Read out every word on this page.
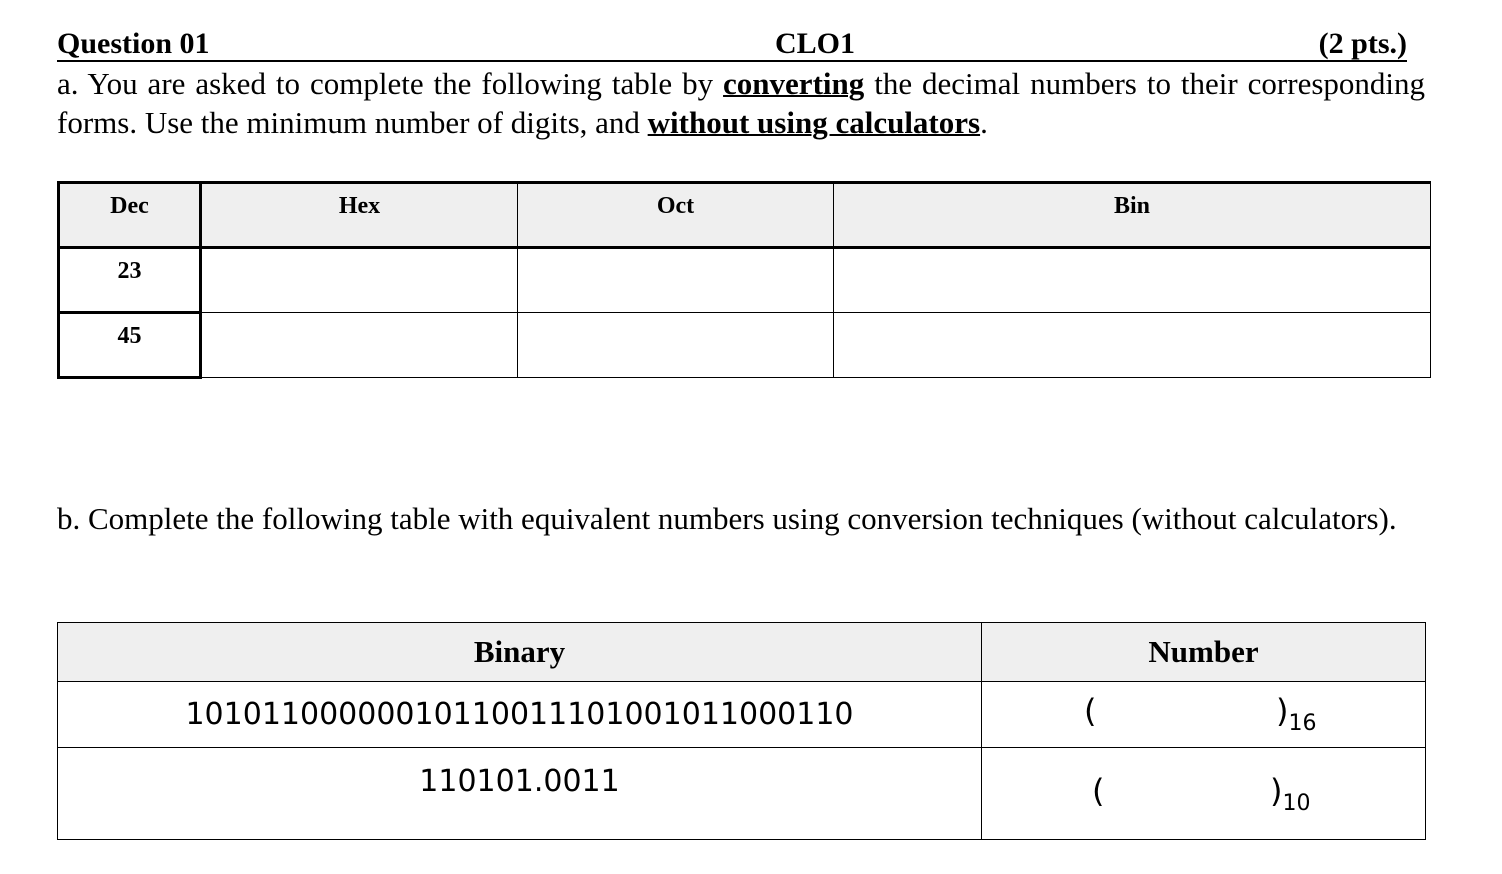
Question 01	CLO1	(2 pts.)
a. You are asked to complete the following table by converting the decimal numbers to their corresponding forms. Use the minimum number of digits, and without using calculators.
Dec	Hex	Oct	Bin
23			
45			
b. Complete the following table with equivalent numbers using conversion techniques (without calculators).
Binary	Number
10101100000010110011101001011000110	( )$_{16}$

110101.0011	( )$_{10}$
